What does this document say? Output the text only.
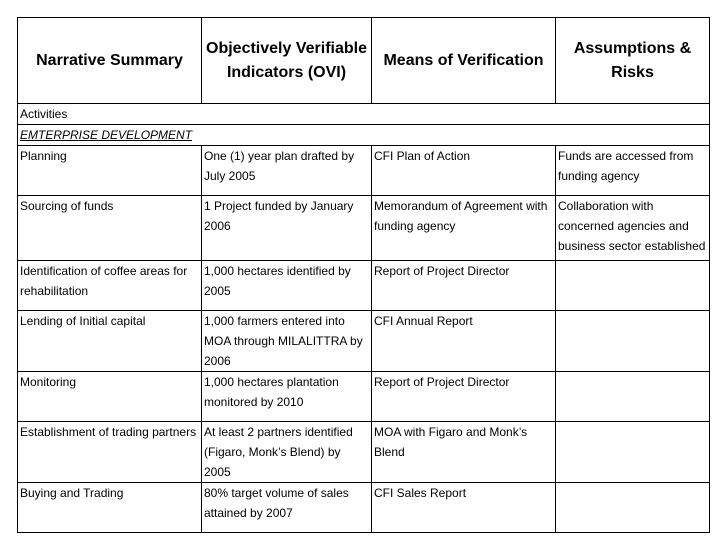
Narrative Summary	Objectively Verifiable Indicators (OVI)	Means of Verification	Assumptions & Risks
Activities			
EMTERPRISE DEVELOPMENT			
Planning	One (1) year plan drafted by July 2005	CFI Plan of Action	Funds are accessed from funding agency
Sourcing of funds	1 Project funded by January 2006	Memorandum of Agreement with funding agency	Collaboration with concerned agencies and business sector established
Identification of coffee areas for rehabilitation	1,000 hectares identified by 2005	Report of Project Director	
Lending of Initial capital	1,000 farmers entered into MOA through MILALITTRA by 2006	CFI Annual Report	
Monitoring	1,000 hectares plantation monitored by 2010	Report of Project Director	
Establishment of trading partners	At least 2 partners identified (Figaro, Monk’s Blend) by 2005	MOA with Figaro and Monk’s Blend	
Buying and Trading	80% target volume of sales attained by 2007	CFI Sales Report	
